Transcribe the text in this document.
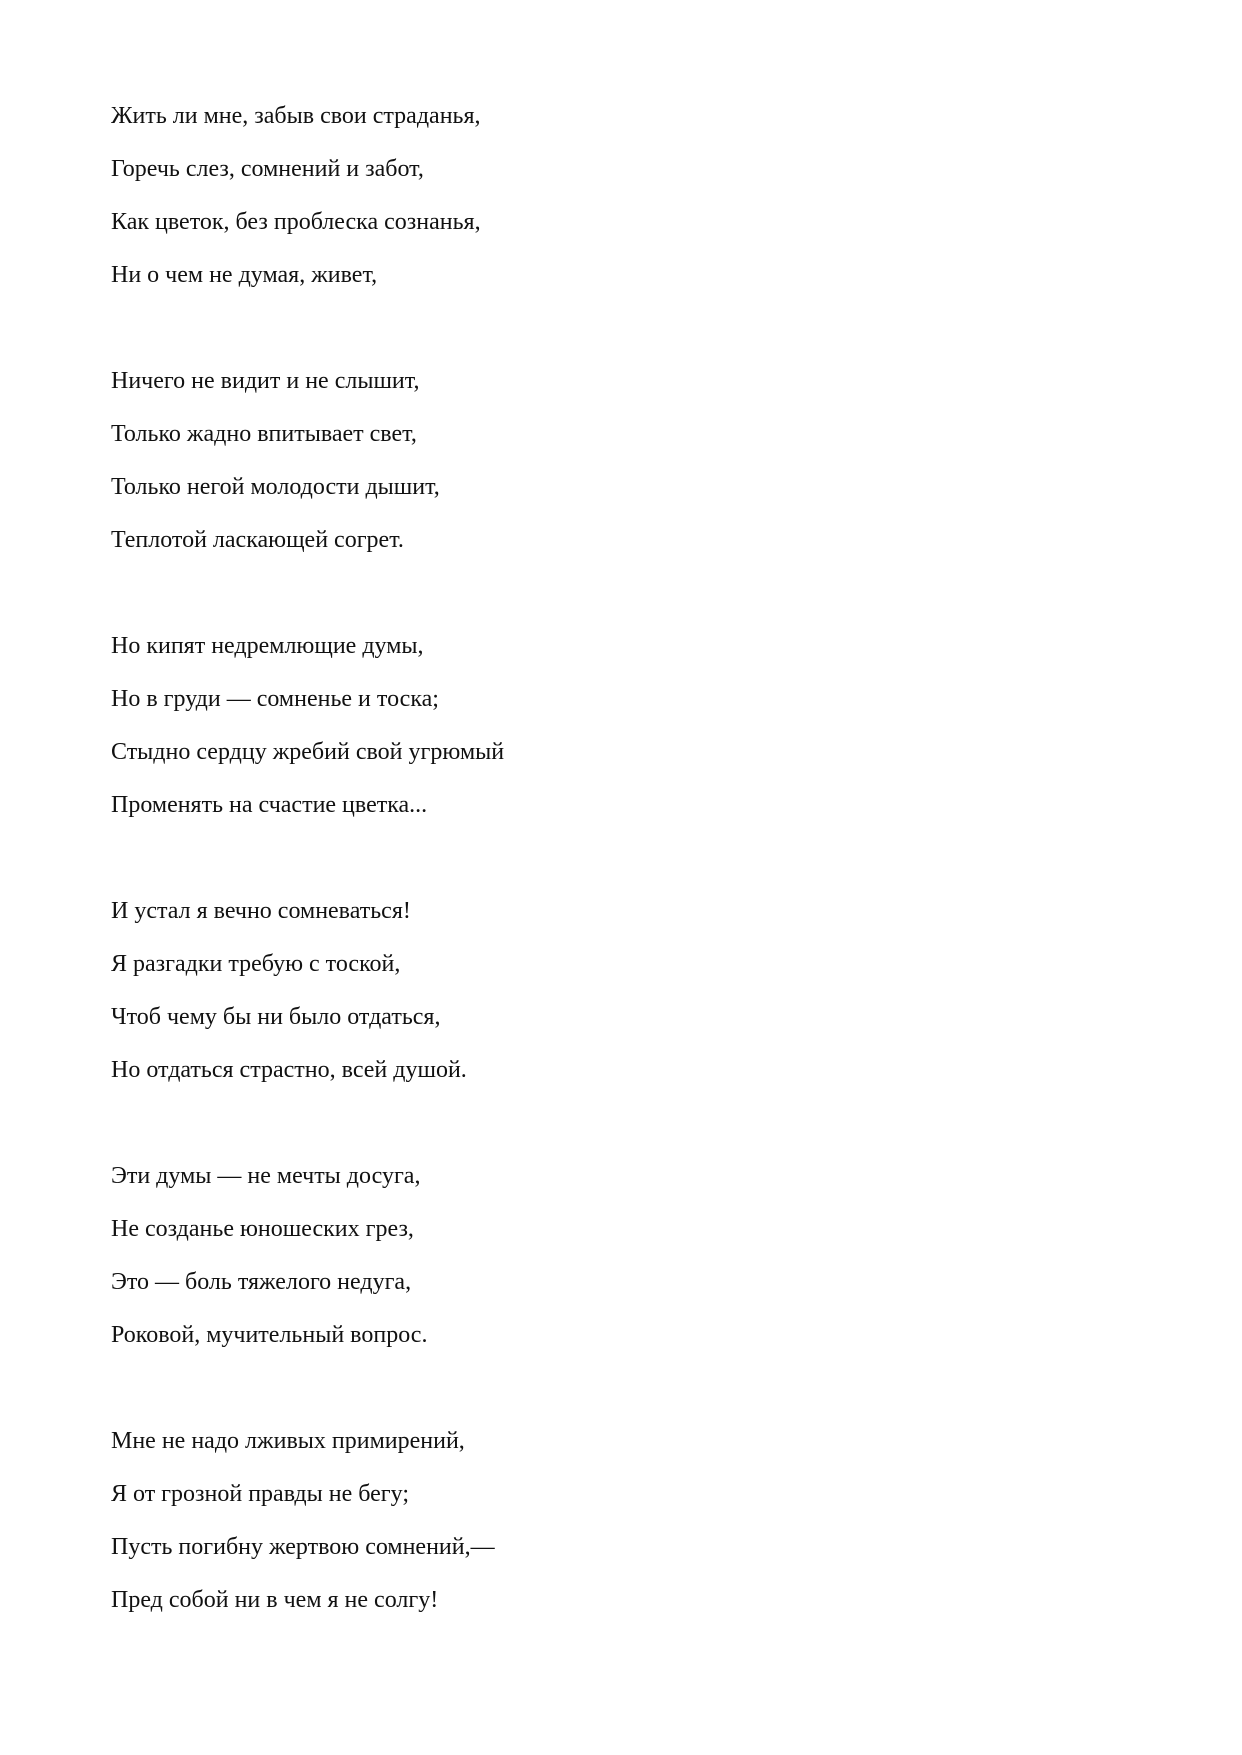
Жить ли мне, забыв свои страданья,
Горечь слез, сомнений и забот,
Как цветок, без проблеска сознанья,
Ни о чем не думая, живет,
Ничего не видит и не слышит,
Только жадно впитывает свет,
Только негой молодости дышит,
Теплотой ласкающей согрет.
Но кипят недремлющие думы,
Но в груди — сомненье и тоска;
Стыдно сердцу жребий свой угрюмый
Променять на счастие цветка...
И устал я вечно сомневаться!
Я разгадки требую с тоской,
Чтоб чему бы ни было отдаться,
Но отдаться страстно, всей душой.
Эти думы — не мечты досуга,
Не созданье юношеских грез,
Это — боль тяжелого недуга,
Роковой, мучительный вопрос.
Мне не надо лживых примирений,
Я от грозной правды не бегу;
Пусть погибну жертвою сомнений,—
Пред собой ни в чем я не солгу!
